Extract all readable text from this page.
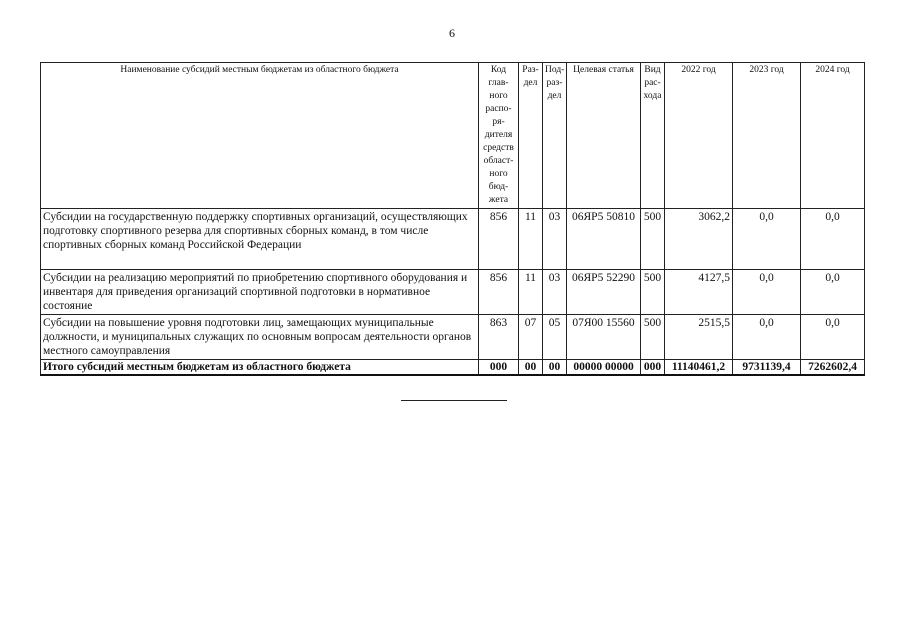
6
Наименование субсидий местным бюджетам из областного бюджета	Код глав- ного распо- ря- дителя средств област- ного бюд- жета	Раз- дел	Под- раз- дел	Целевая статья	Вид рас- хода	2022 год	2023 год	2024 год
Субсидии на государственную поддержку спортивных организаций, осуществляющих подготовку спортивного резерва для спортивных сборных команд, в том числе спортивных сборных команд Российской Федерации	856	11	03	06ЯР5 50810	500	3062,2	0,0	0,0
Субсидии на реализацию мероприятий по приобретению спортивного оборудования и инвентаря для приведения организаций спортивной подготовки в нормативное состояние	856	11	03	06ЯР5 52290	500	4127,5	0,0	0,0
Субсидии на повышение уровня подготовки лиц, замещающих муниципальные должности, и муниципальных служащих по основным вопросам деятельности органов местного самоуправления	863	07	05	07Я00 15560	500	2515,5	0,0	0,0
Итого субсидий местным бюджетам из областного бюджета	000	00	00	00000 00000	000	11140461,2	9731139,4	7262602,4
